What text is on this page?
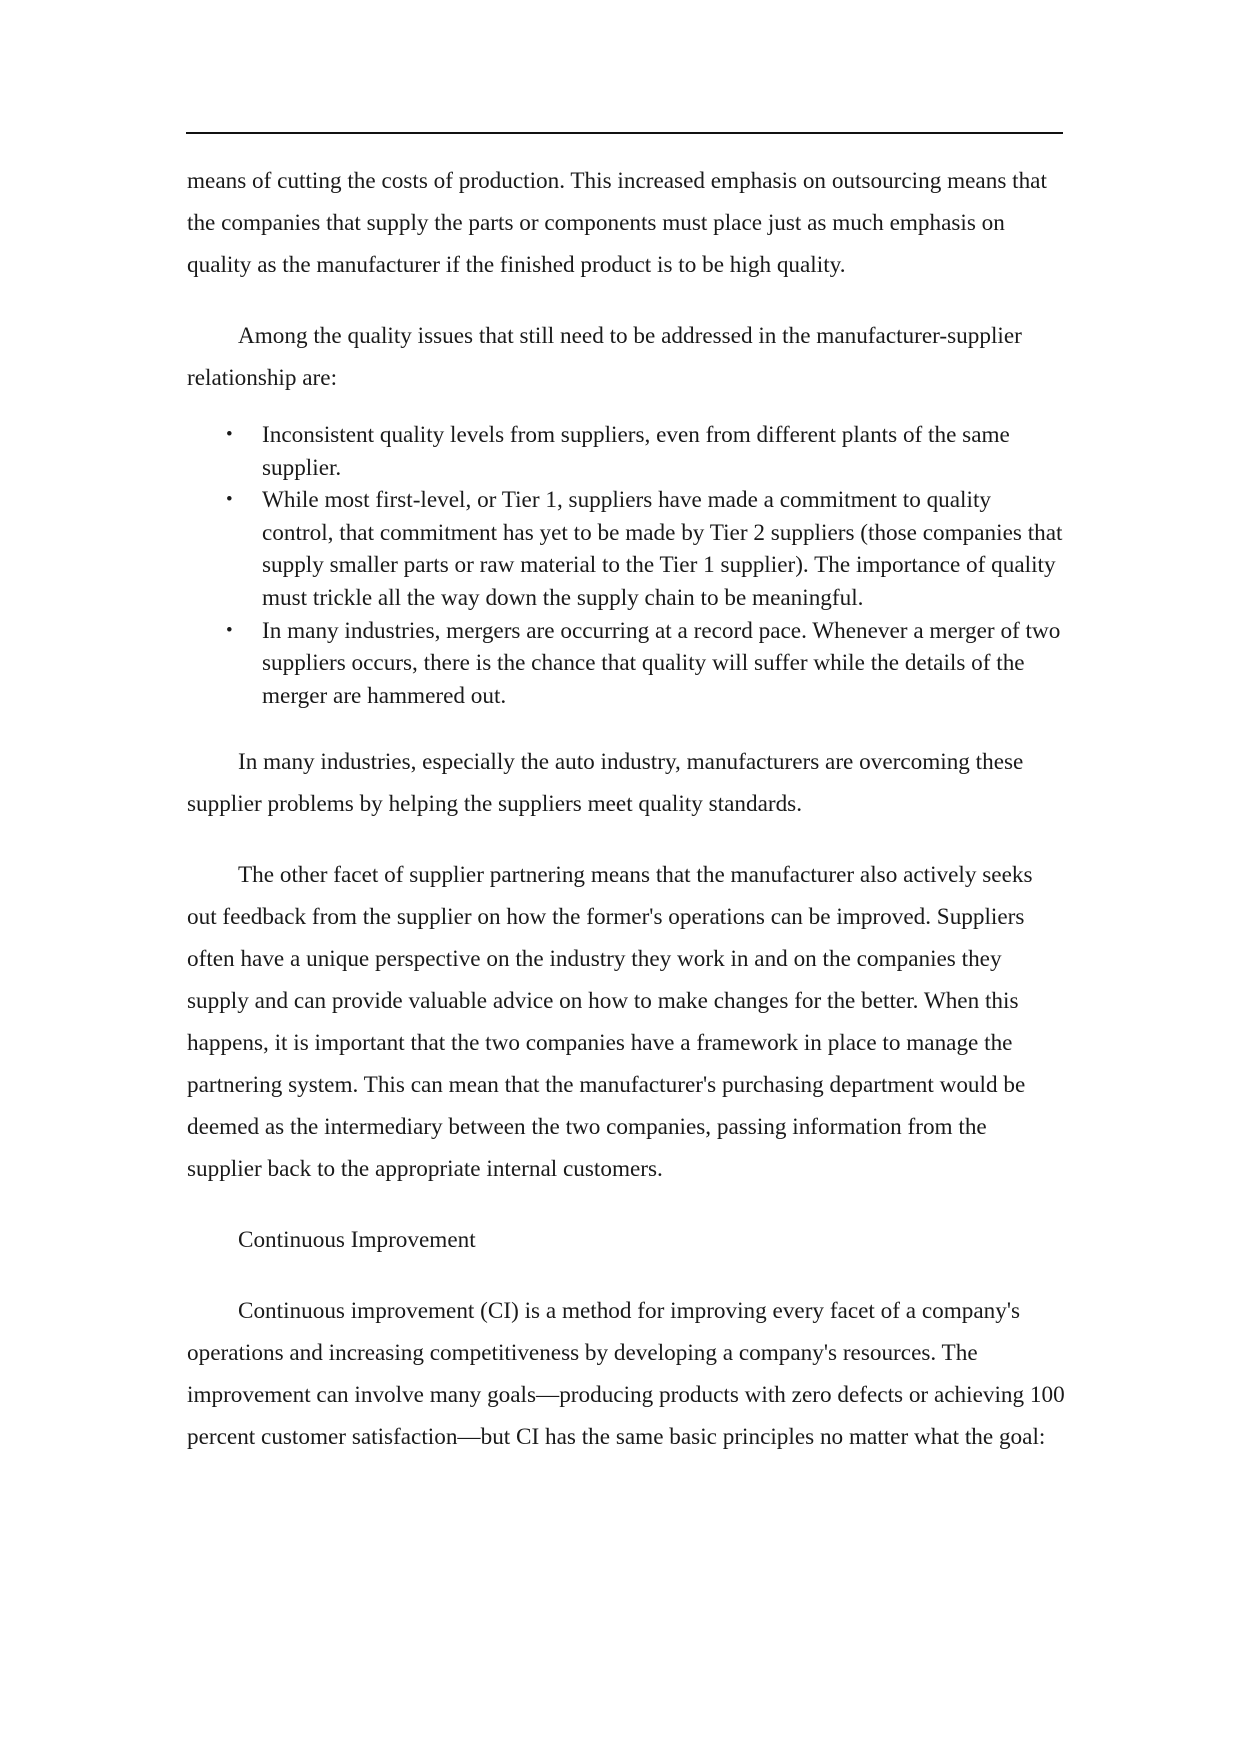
means of cutting the costs of production. This increased emphasis on outsourcing means that the companies that supply the parts or components must place just as much emphasis on quality as the manufacturer if the finished product is to be high quality.

Among the quality issues that still need to be addressed in the manufacturer-supplier relationship are:

• Inconsistent quality levels from suppliers, even from different plants of the same supplier.
• While most first-level, or Tier 1, suppliers have made a commitment to quality control, that commitment has yet to be made by Tier 2 suppliers (those companies that supply smaller parts or raw material to the Tier 1 supplier). The importance of quality must trickle all the way down the supply chain to be meaningful.
• In many industries, mergers are occurring at a record pace. Whenever a merger of two suppliers occurs, there is the chance that quality will suffer while the details of the merger are hammered out.

In many industries, especially the auto industry, manufacturers are overcoming these supplier problems by helping the suppliers meet quality standards.

The other facet of supplier partnering means that the manufacturer also actively seeks out feedback from the supplier on how the former's operations can be improved. Suppliers often have a unique perspective on the industry they work in and on the companies they supply and can provide valuable advice on how to make changes for the better. When this happens, it is important that the two companies have a framework in place to manage the partnering system. This can mean that the manufacturer's purchasing department would be deemed as the intermediary between the two companies, passing information from the supplier back to the appropriate internal customers.

Continuous Improvement

Continuous improvement (CI) is a method for improving every facet of a company's operations and increasing competitiveness by developing a company's resources. The improvement can involve many goals—producing products with zero defects or achieving 100 percent customer satisfaction—but CI has the same basic principles no matter what the goal:
